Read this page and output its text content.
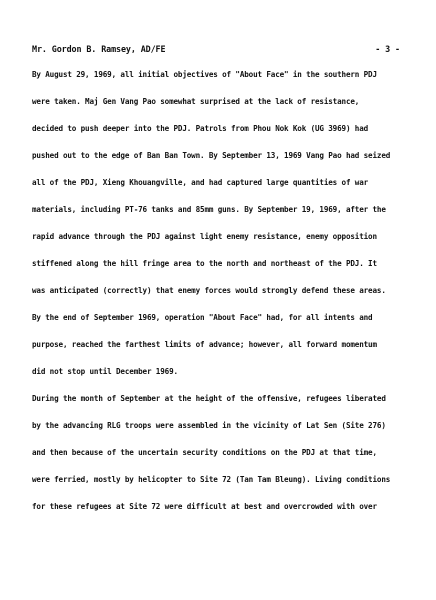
Mr. Gordon B. Ramsey, AD/FE	- 3 -
By August 29, 1969, all initial objectives of "About Face" in the southern PDJ
were taken. Maj Gen Vang Pao somewhat surprised at the lack of resistance,
decided to push deeper into the PDJ. Patrols from Phou Nok Kok (UG 3969) had
pushed out to the edge of Ban Ban Town. By September 13, 1969 Vang Pao had seized
all of the PDJ, Xieng Khouangville, and had captured large quantities of war
materials, including PT-76 tanks and 85mm guns. By September 19, 1969, after the
rapid advance through the PDJ against light enemy resistance, enemy opposition
stiffened along the hill fringe area to the north and northeast of the PDJ. It
was anticipated (correctly) that enemy forces would strongly defend these areas.
By the end of September 1969, operation "About Face" had, for all intents and
purpose, reached the farthest limits of advance; however, all forward momentum
did not stop until December 1969.
During the month of September at the height of the offensive, refugees liberated
by the advancing RLG troops were assembled in the vicinity of Lat Sen (Site 276)
and then because of the uncertain security conditions on the PDJ at that time,
were ferried, mostly by helicopter to Site 72 (Tan Tam Bleung). Living conditions
for these refugees at Site 72 were difficult at best and overcrowded with over
